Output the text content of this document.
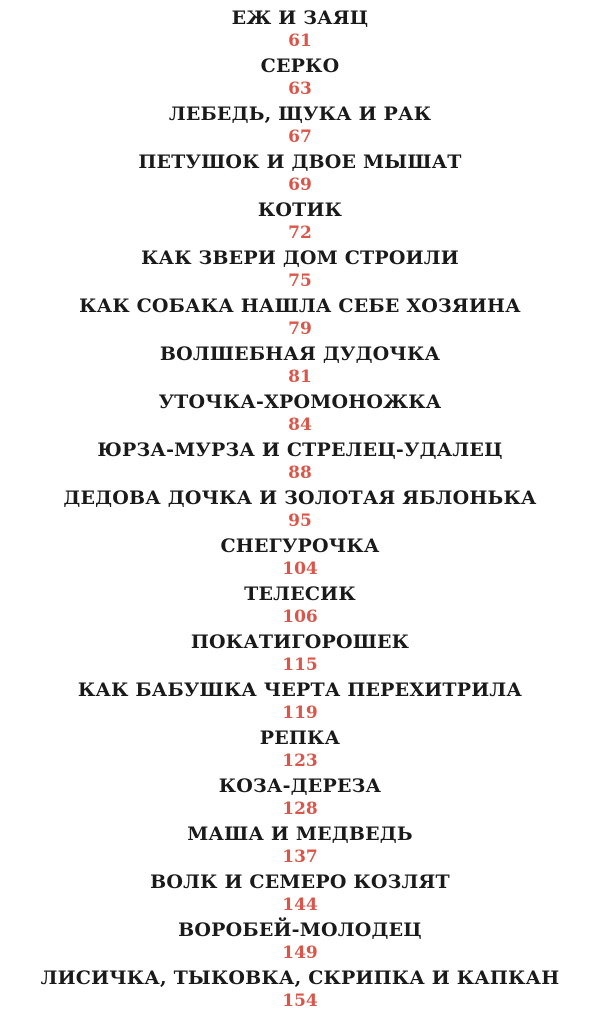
ЕЖ И ЗАЯЦ
61
СЕРКО
63
ЛЕБЕДЬ, ЩУКА И РАК
67
ПЕТУШОК И ДВОЕ МЫШАТ
69
КОТИК
72
КАК ЗВЕРИ ДОМ СТРОИЛИ
75
КАК СОБАКА НАШЛА СЕБЕ ХОЗЯИНА
79
ВОЛШЕБНАЯ ДУДОЧКА
81
УТОЧКА-ХРОМОНОЖКА
84
ЮРЗА-МУРЗА И СТРЕЛЕЦ-УДАЛЕЦ
88
ДЕДОВА ДОЧКА И ЗОЛОТАЯ ЯБЛОНЬКА
95
СНЕГУРОЧКА
104
ТЕЛЕСИК
106
ПОКАТИГОРОШЕК
115
КАК БАБУШКА ЧЕРТА ПЕРЕХИТРИЛА
119
РЕПКА
123
КОЗА-ДЕРЕЗА
128
МАША И МЕДВЕДЬ
137
ВОЛК И СЕМЕРО КОЗЛЯТ
144
ВОРОБЕЙ-МОЛОДЕЦ
149
ЛИСИЧКА, ТЫКОВКА, СКРИПКА И КАПКАН
154
